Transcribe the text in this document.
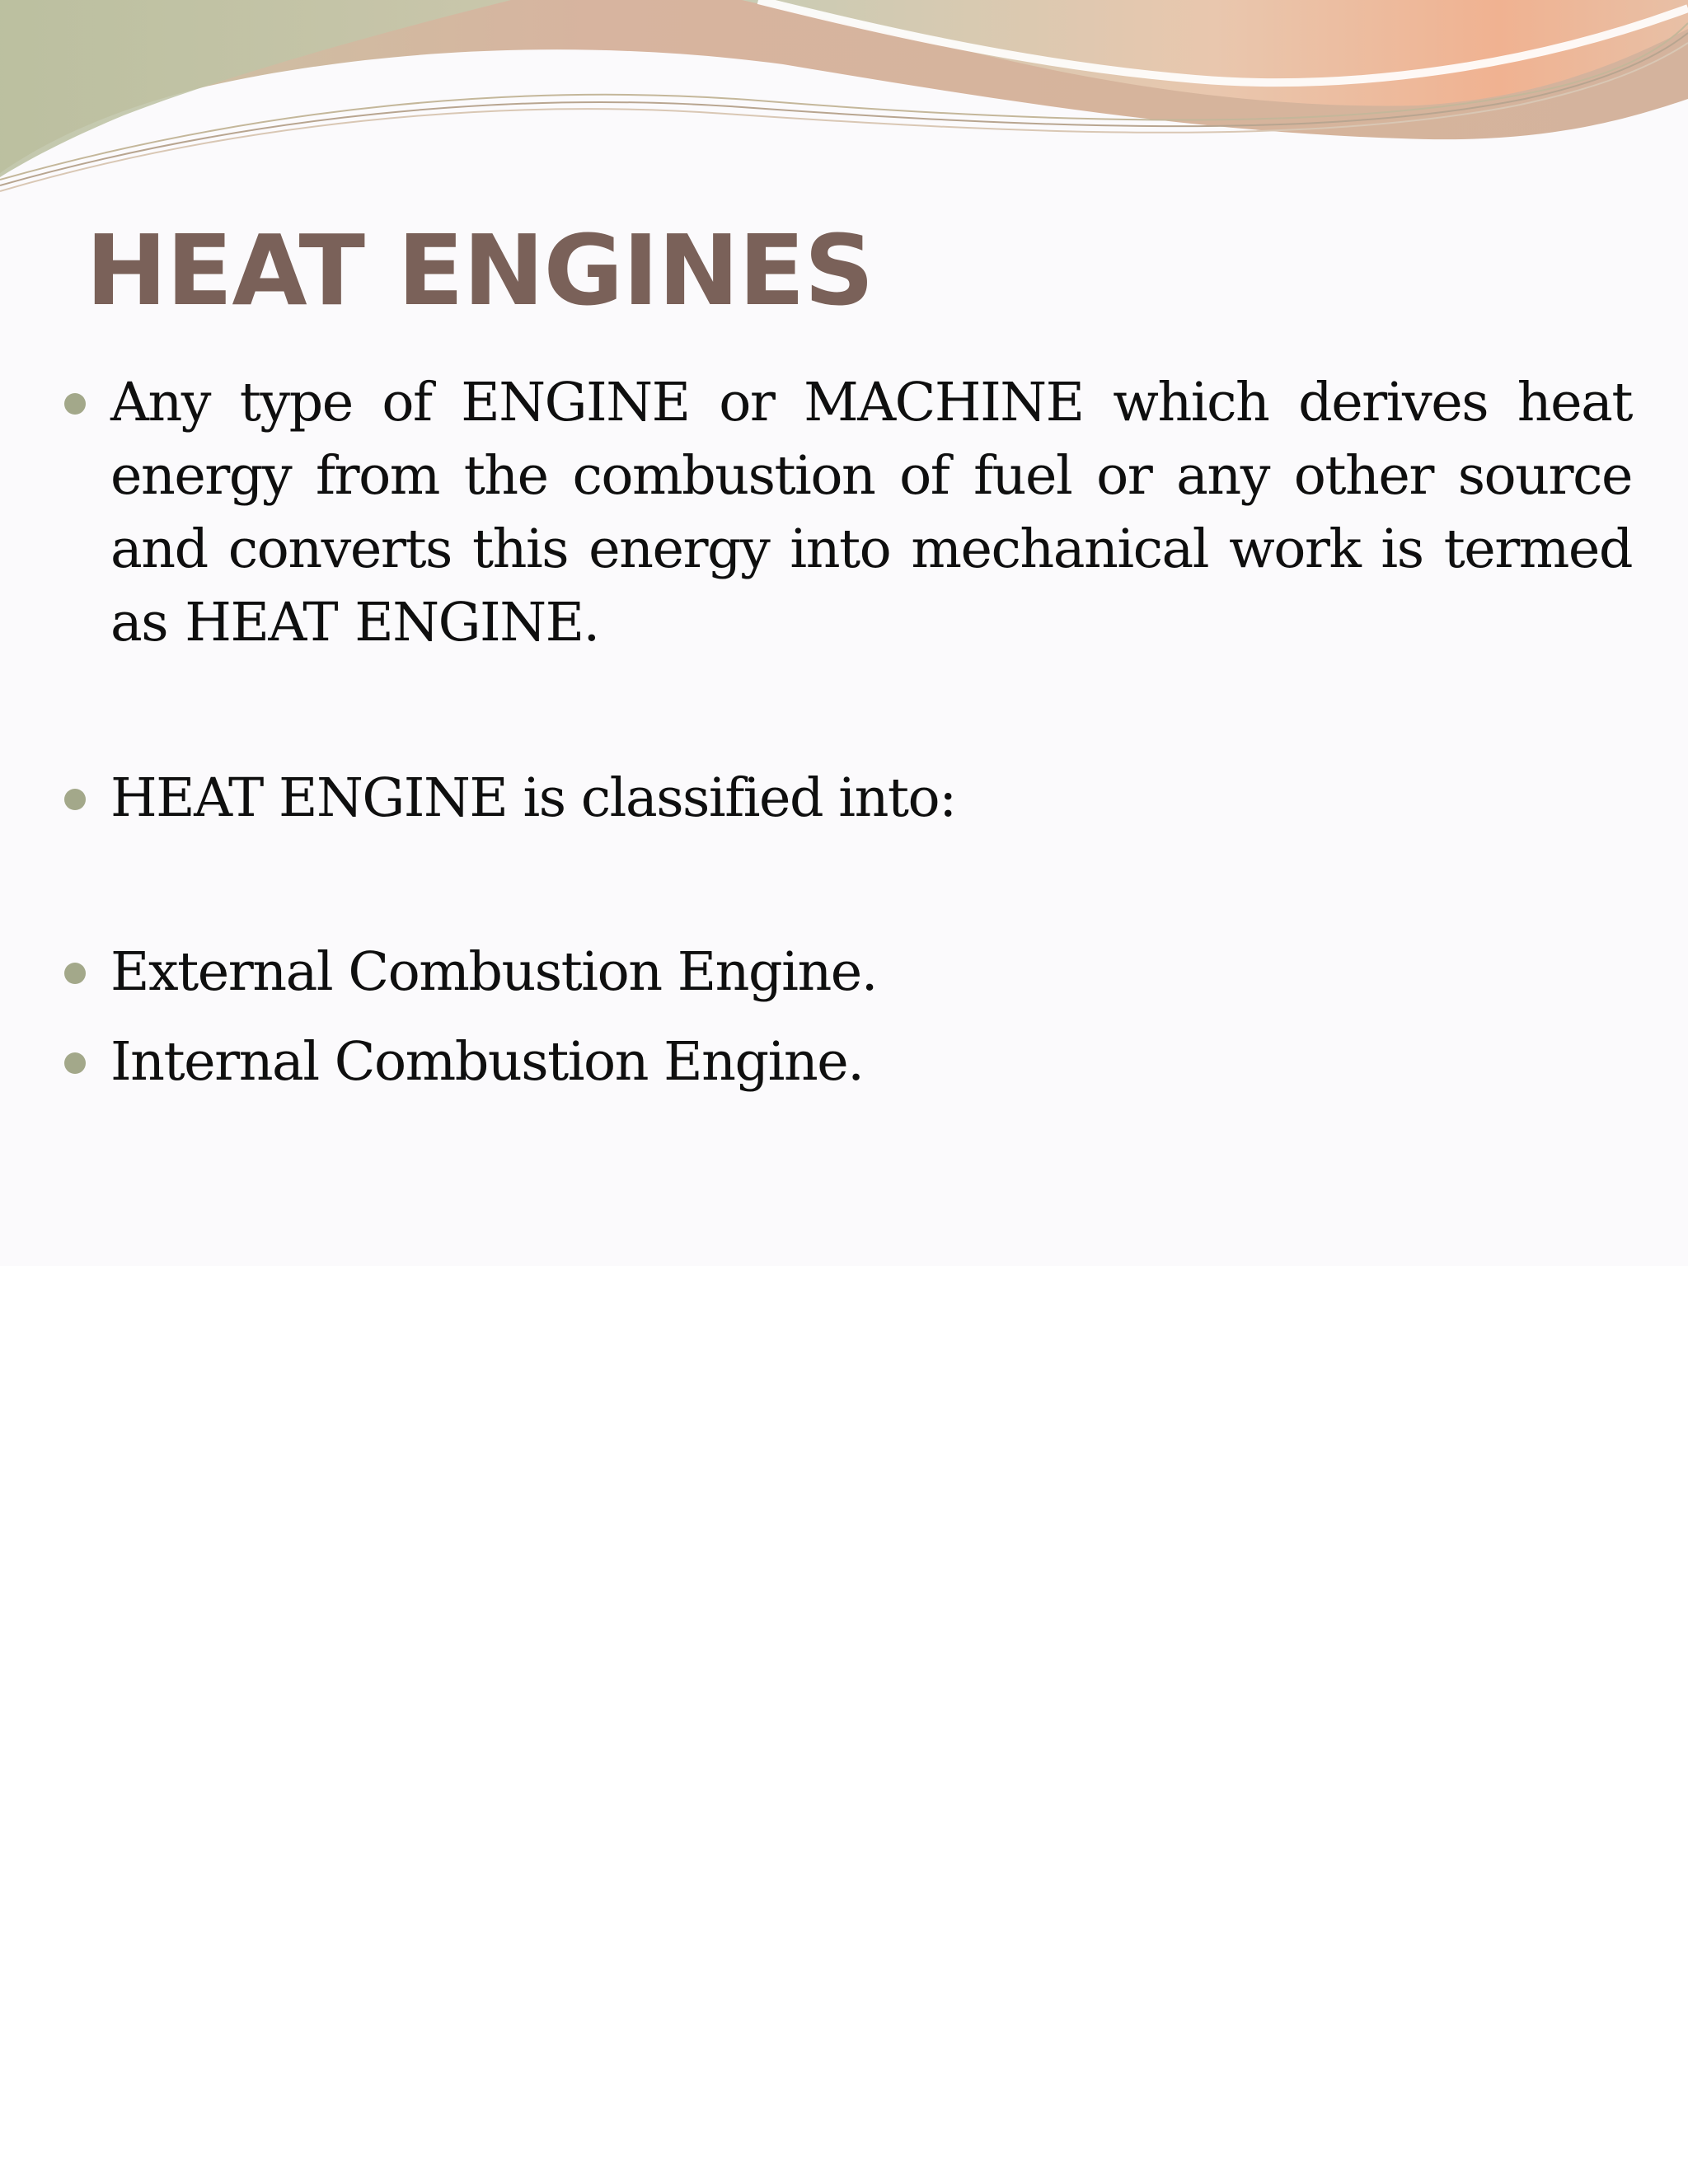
HEAT ENGINES
Any type of ENGINE or MACHINE which derives heat energy from the combustion of fuel or any other source and converts this energy into mechanical work is termed as HEAT ENGINE.
HEAT ENGINE is classified into:
External Combustion Engine.
Internal Combustion Engine.
